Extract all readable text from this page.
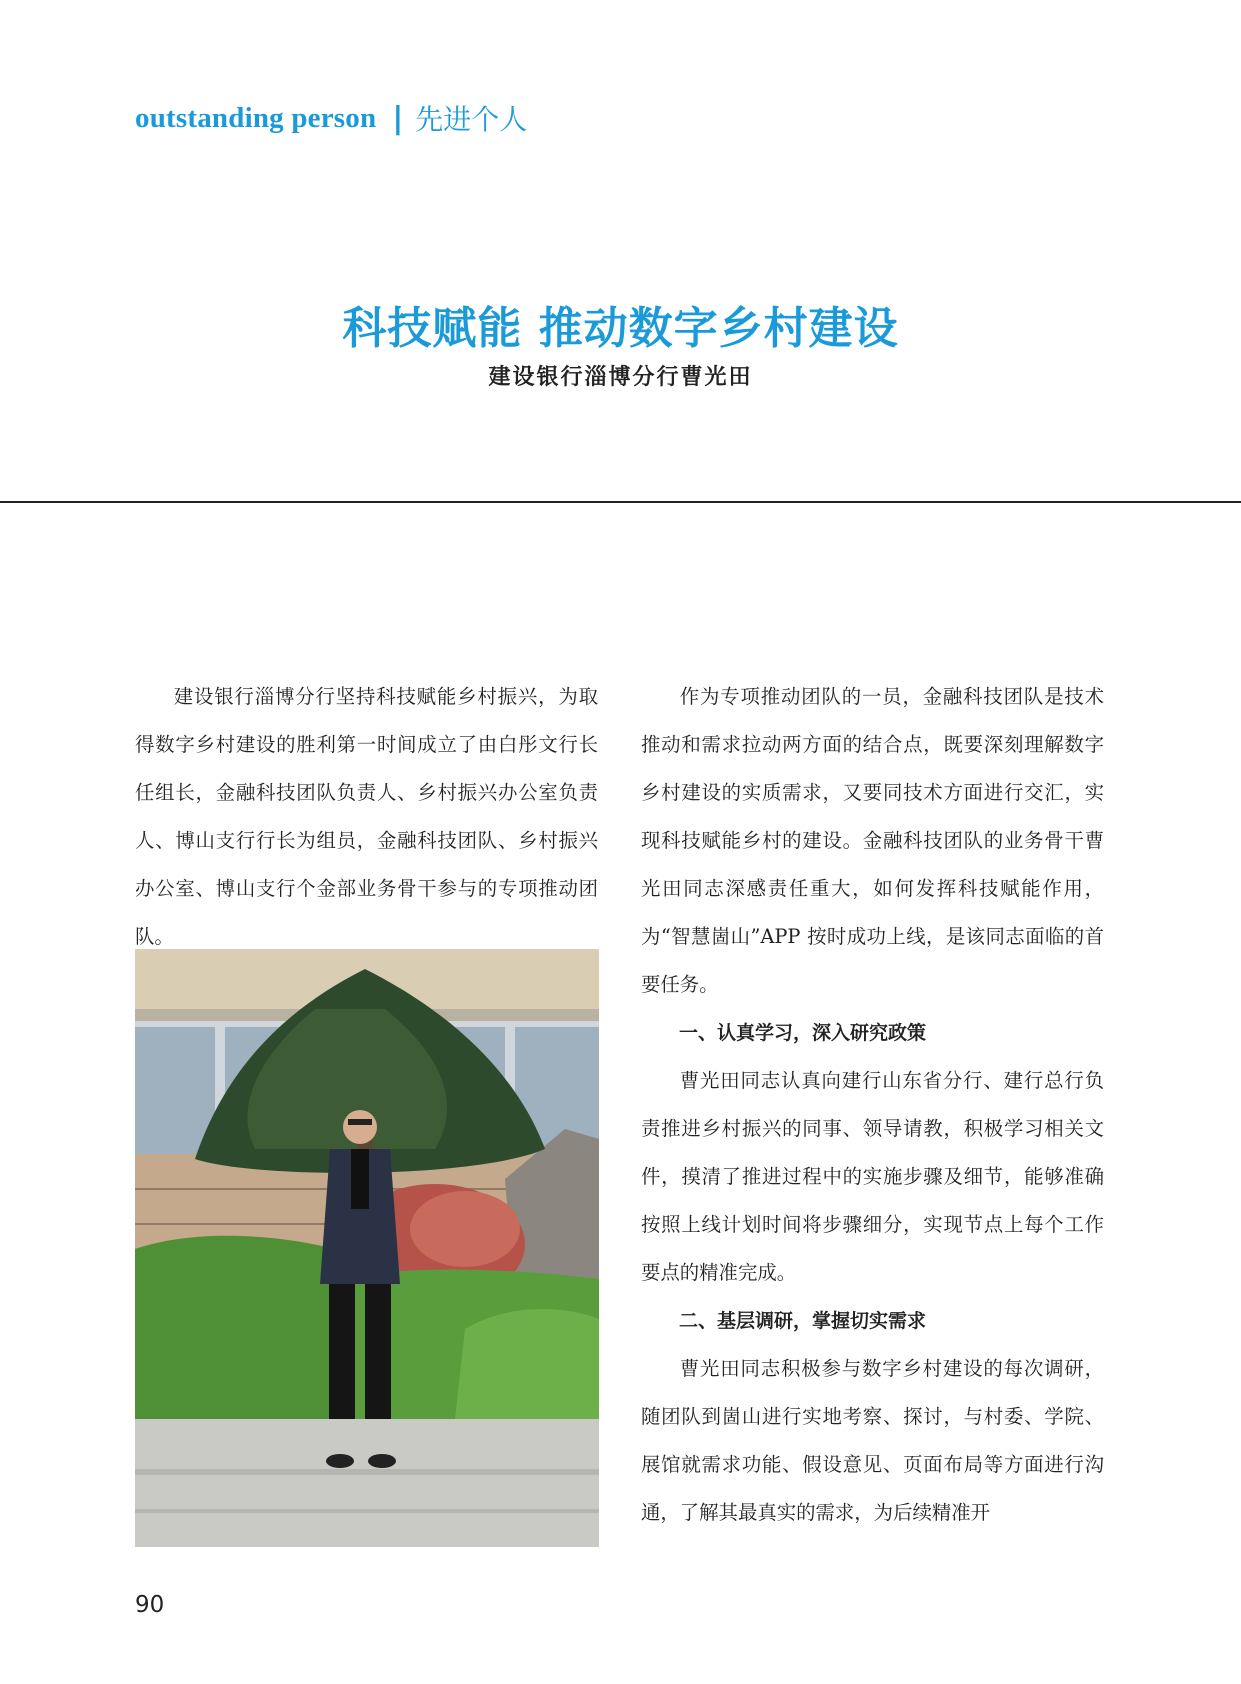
outstanding person | 先进个人
科技赋能 推动数字乡村建设
建设银行淄博分行曹光田

建设银行淄博分行坚持科技赋能乡村振兴，为取得数字乡村建设的胜利第一时间成立了由白彤文行长任组长，金融科技团队负责人、乡村振兴办公室负责人、博山支行行长为组员，金融科技团队、乡村振兴办公室、博山支行个金部业务骨干参与的专项推动团队。

作为专项推动团队的一员，金融科技团队是技术推动和需求拉动两方面的结合点，既要深刻理解数字乡村建设的实质需求，又要同技术方面进行交汇，实现科技赋能乡村的建设。金融科技团队的业务骨干曹光田同志深感责任重大，如何发挥科技赋能作用，为“智慧崮山”APP 按时成功上线，是该同志面临的首要任务。

一、认真学习，深入研究政策

曹光田同志认真向建行山东省分行、建行总行负责推进乡村振兴的同事、领导请教，积极学习相关文件，摸清了推进过程中的实施步骤及细节，能够准确按照上线计划时间将步骤细分，实现节点上每个工作要点的精准完成。

二、基层调研，掌握切实需求

曹光田同志积极参与数字乡村建设的每次调研，随团队到崮山进行实地考察、探讨，与村委、学院、展馆就需求功能、假设意见、页面布局等方面进行沟通，了解其最真实的需求，为后续精准开

90
